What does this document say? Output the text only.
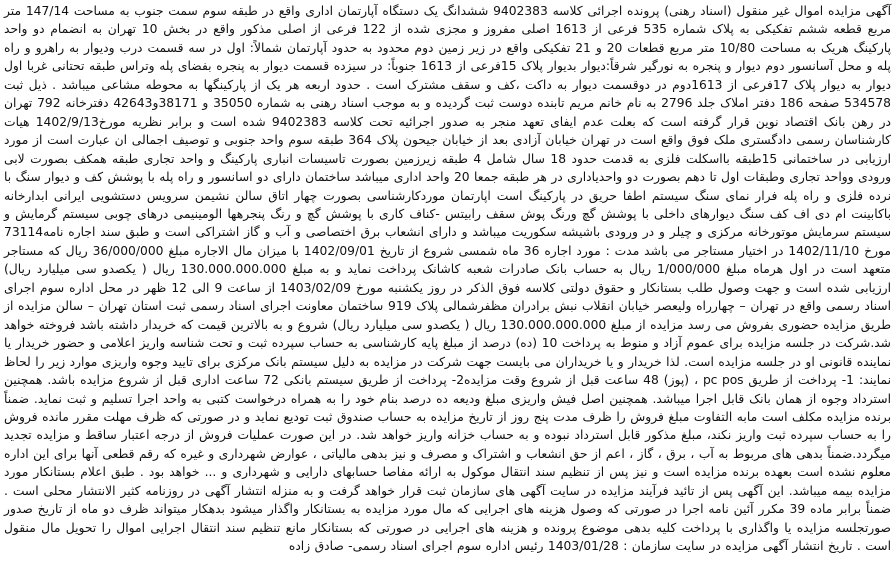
آگهی مزایده اموال غیر منقول (اسناد رهنی) پرونده اجرائی کلاسه 9402383 ششدانگ یک دستگاه آپارتمان اداری واقع در طبقه سوم سمت جنوب به مساحت 147/14 متر مربع قطعه ششم تفکیکی به پلاک شماره 535 فرعی از 1613 اصلی مفروز و مجزی شده از 122 فرعی از اصلی مذکور واقع در بخش 10 تهران به انضمام دو واحد پارکینگ هریک به مساحت 10/80 متر مربع قطعات 20 و 21 تفکیکی واقع در زیر زمین دوم محدود به حدود آپارتمان شمالاً: اول در سه قسمت درب ودیوار به راهرو و راه پله و محل آسانسور دوم دیوار و پنجره به نورگیر شرقاً:دیوار بدیوار پلاک 15فرعی از 1613 جنوباً: در سیزده قسمت دیوار به پنجره بفضای پله وتراس طبقه تحتانی غربا اول دیوار به دیوار پلاک 17فرعی از 1613دوم در دوقسمت دیوار به داکت ،کف و سقف مشترک است . حدود اربعه هر یک از پارکینگها به محوطه مشاعی میباشد . ذیل ثبت 534578 صفحه 186 دفتر املاک جلد 2796 به نام خانم مریم تابنده دوست ثبت گردیده و به موجب اسناد رهنی به شماره 35050 و 38171و42643 دفترخانه 792 تهران در رهن بانک اقتصاد نوین قرار گرفته است که بعلت عدم ایفای تعهد منجر به صدور اجرائیه تحت کلاسه 9402383 شده است و برابر نظریه مورخ1402/9/13 هیات کارشناسان رسمی دادگستری ملک فوق واقع است در تهران خیابان آزادی بعد از خیابان جیحون پلاک 364 طبقه سوم واحد جنوبی و توصیف اجمالی ان عبارت است از مورد ارزیابی در ساختمانی 15طبقه بااسکلت فلزی به قدمت حدود 18 سال شامل 4 طبقه زیرزمین بصورت تاسیسات انباری پارکینگ و واحد تجاری طبقه همکف بصورت لابی ورودی وواحد تجاری وطبقات اول تا دهم بصورت دو واحدیاداری در هر طبقه جمعا 20 واحد اداری میباشد ساختمان دارای دو اسانسور و راه پله با پوشش کف و دیوار سنگ با نرده فلزی و راه پله فرار نمای سنگ سیستم اطفا حریق در پارکینگ است اپارتمان موردکارشناسی بصورت چهار اتاق سالن نشیمن سرویس دستشویی ایرانی ابدارخانه باکابینت ام دی اف کف سنگ دیوارهای داخلی با پوشش گچ ورنگ پوش سقف رابیتس -کناف کاری با پوشش گچ و رنگ پنجرهها الومینیمی درهای چوبی سیستم گرمایش و سیستم سرمایش موتورخانه مرکزی و چیلر و در ورودی باشیشه سکوریت میباشد و دارای انشعاب برق اختصاصی و آب و گاز اشتراکی است و طبق سند اجاره نامه73114 مورخ 1402/11/10 در اختیار مستاجر می باشد مدت : مورد اجاره 36 ماه شمسی شروع از تاریخ 1402/09/01 با میزان مال الاجاره مبلغ 36/000/000 ریال که مستاجر متعهد است در اول هرماه مبلغ 1/000/000 ریال به حساب بانک صادرات شعبه کاشانک پرداخت نماید و به مبلغ 130.000.000.000 ریال ( یکصدو سی میلیارد ریال) ارزیابی شده است و جهت وصول طلب بستانکار و حقوق دولتی کلاسه فوق الذکر در روز یکشنبه مورخ 1403/02/09 از ساعت 9 الی 12 ظهر در محل اداره سوم اجرای اسناد رسمی واقع در تهران – چهارراه ولیعصر خیابان انقلاب نبش برادران مظفرشمالی پلاک 919 ساختمان معاونت اجرای اسناد رسمی ثبت استان تهران – سالن مزایده از طریق مزایده حضوری بفروش می رسد مزایده از مبلغ 130.000.000.000 ریال ( یکصدو سی میلیارد ریال) شروع و به بالاترین قیمت که خریدار داشته باشد فروخته خواهد شد.شرکت در جلسه مزایده برای عموم آزاد و منوط به پرداخت 10 (ده) درصد از مبلغ پایه کارشناسی به حساب سپرده ثبت و تحت شناسه واریز اعلامی و حضور خریدار یا نماینده قانونی او در جلسه مزایده است. لذا خریدار و یا خریداران می بایست جهت شرکت در مزایده به دلیل سیستم بانک مرکزی برای تایید وجوه واریزی موارد زیر را لحاظ نمایند: 1- پرداخت از طریق pc pos ، (پوز) 48 ساعت قبل از شروع وقت مزایده2- پرداخت از طریق سیستم بانکی 72 ساعت اداری قبل از شروع مزایده باشد. همچنین استرداد وجوه از همان بانک قابل اجرا میباشد. همچنین اصل فیش واریزی مبلغ ودیعه ده درصد بنام خود را به همراه درخواست کتبی به واحد اجرا تسلیم و ثبت نماید. ضمناً برنده مزایده مکلف است مابه التفاوت مبلغ فروش را ظرف مدت پنج روز از تاریخ مزایده به حساب صندوق ثبت تودیع نماید و در صورتی که ظرف مهلت مقرر مانده فروش را به حساب سپرده ثبت واریز نکند، مبلغ مذکور قابل استرداد نبوده و به حساب خزانه واریز خواهد شد. در این صورت عملیات فروش از درجه اعتبار ساقط و مزایده تجدید میگردد.ضمناً بدهی های مربوط به آب ، برق ، گاز ، اعم از حق انشعاب و اشتراک و مصرف و نیز بدهی مالیاتی ، عوارض شهرداری و غیره که رقم قطعی آنها برای این اداره معلوم نشده است بعهده برنده مزایده است و نیز پس از تنظیم سند انتقال موکول به ارائه مفاصا حسابهای دارایی و شهرداری و ... خواهد بود . طبق اعلام بستانکار مورد مزایده بیمه میباشد. این آگهی پس از تائید فرآیند مزایده در سایت آگهی های سازمان ثبت قرار خواهد گرفت و به منزله انتشار آگهی در روزنامه کثیر الانتشار محلی است . ضمناً برابر ماده 39 مکرر آئین نامه اجرا در صورتی که وصول هزینه های اجرایی که مال مورد مزایده به بستانکار واگذار میشود بدهکار میتواند ظرف دو ماه از تاریخ صدور صورتجلسه مزایده یا واگذاری با پرداخت کلیه بدهی موضوع پرونده و هزینه های اجرایی در صورتی که بستانکار مانع تنظیم سند انتقال اجرایی اموال را تحویل مال منقول است . تاریخ انتشار آگهی مزایده در سایت سازمان : 1403/01/28 رئیس اداره سوم اجرای اسناد رسمی- صادق زاده
